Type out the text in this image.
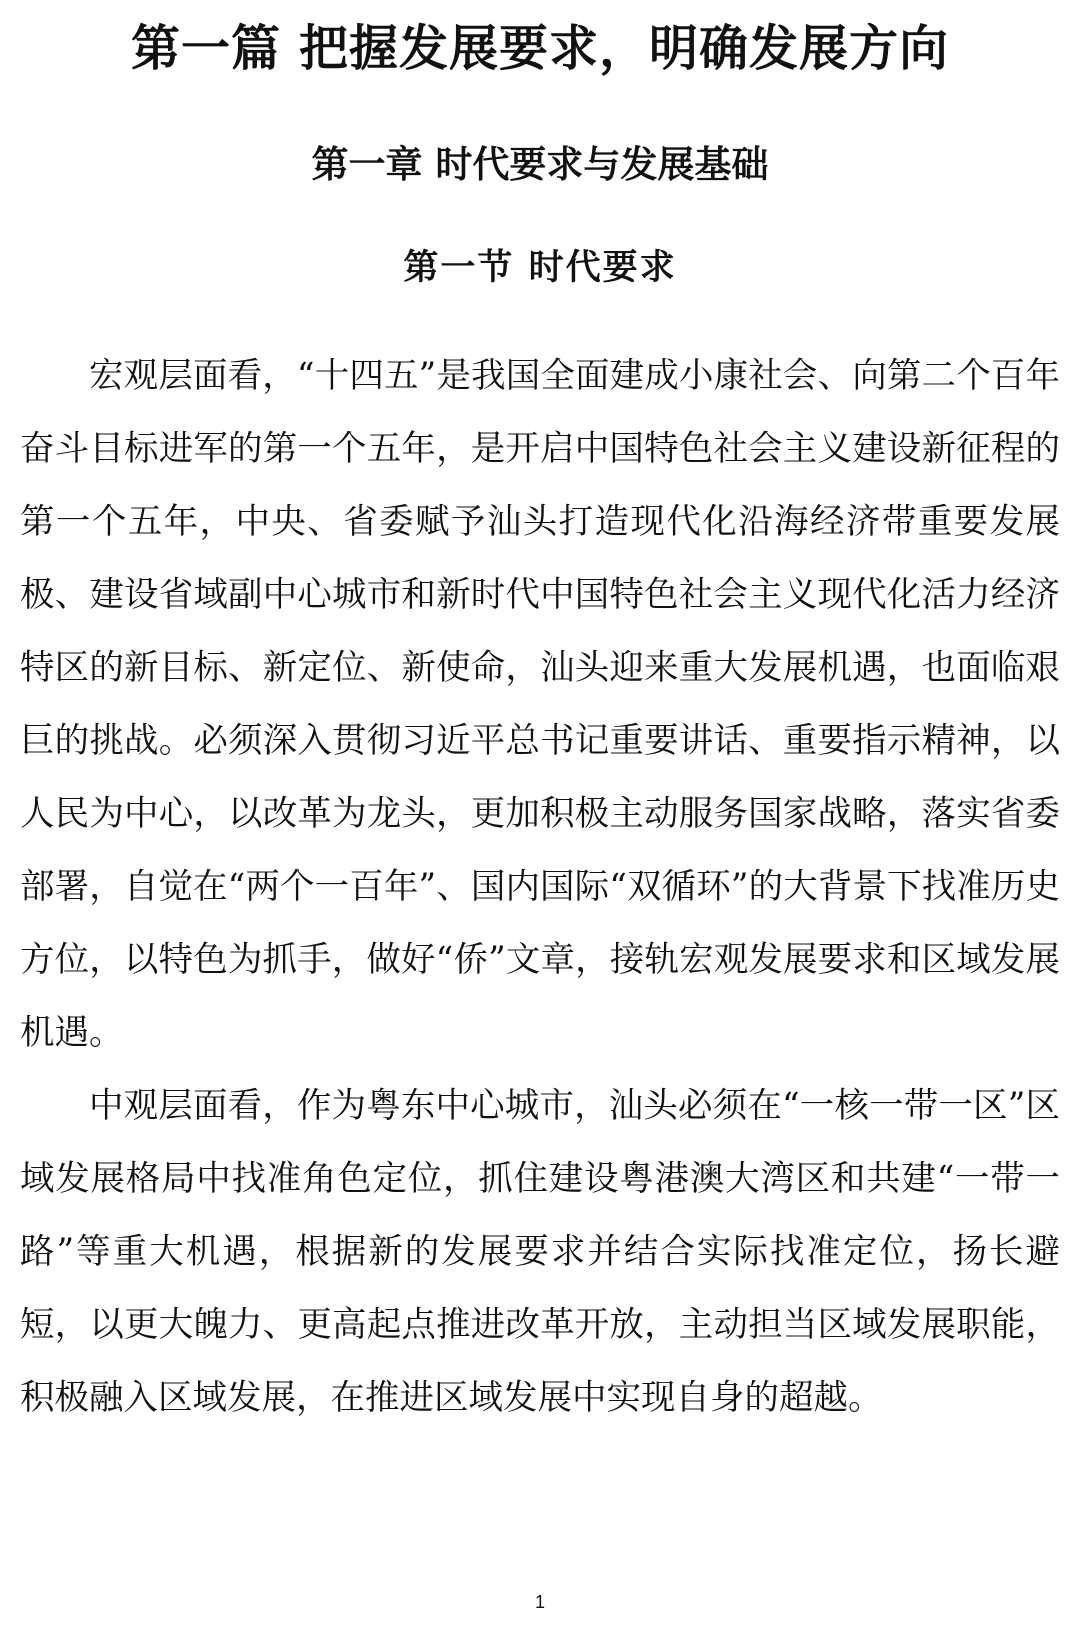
第一篇 把握发展要求，明确发展方向
第一章 时代要求与发展基础
第一节 时代要求

宏观层面看，“十四五”是我国全面建成小康社会、向第二个百年奋斗目标进军的第一个五年，是开启中国特色社会主义建设新征程的第一个五年，中央、省委赋予汕头打造现代化沿海经济带重要发展极、建设省域副中心城市和新时代中国特色社会主义现代化活力经济特区的新目标、新定位、新使命，汕头迎来重大发展机遇，也面临艰巨的挑战。必须深入贯彻习近平总书记重要讲话、重要指示精神，以人民为中心，以改革为龙头，更加积极主动服务国家战略，落实省委部署，自觉在“两个一百年”、国内国际“双循环”的大背景下找准历史方位，以特色为抓手，做好“侨”文章，接轨宏观发展要求和区域发展机遇。

中观层面看，作为粤东中心城市，汕头必须在“一核一带一区”区域发展格局中找准角色定位，抓住建设粤港澳大湾区和共建“一带一路”等重大机遇，根据新的发展要求并结合实际找准定位，扬长避短，以更大魄力、更高起点推进改革开放，主动担当区域发展职能，积极融入区域发展，在推进区域发展中实现自身的超越。

1
